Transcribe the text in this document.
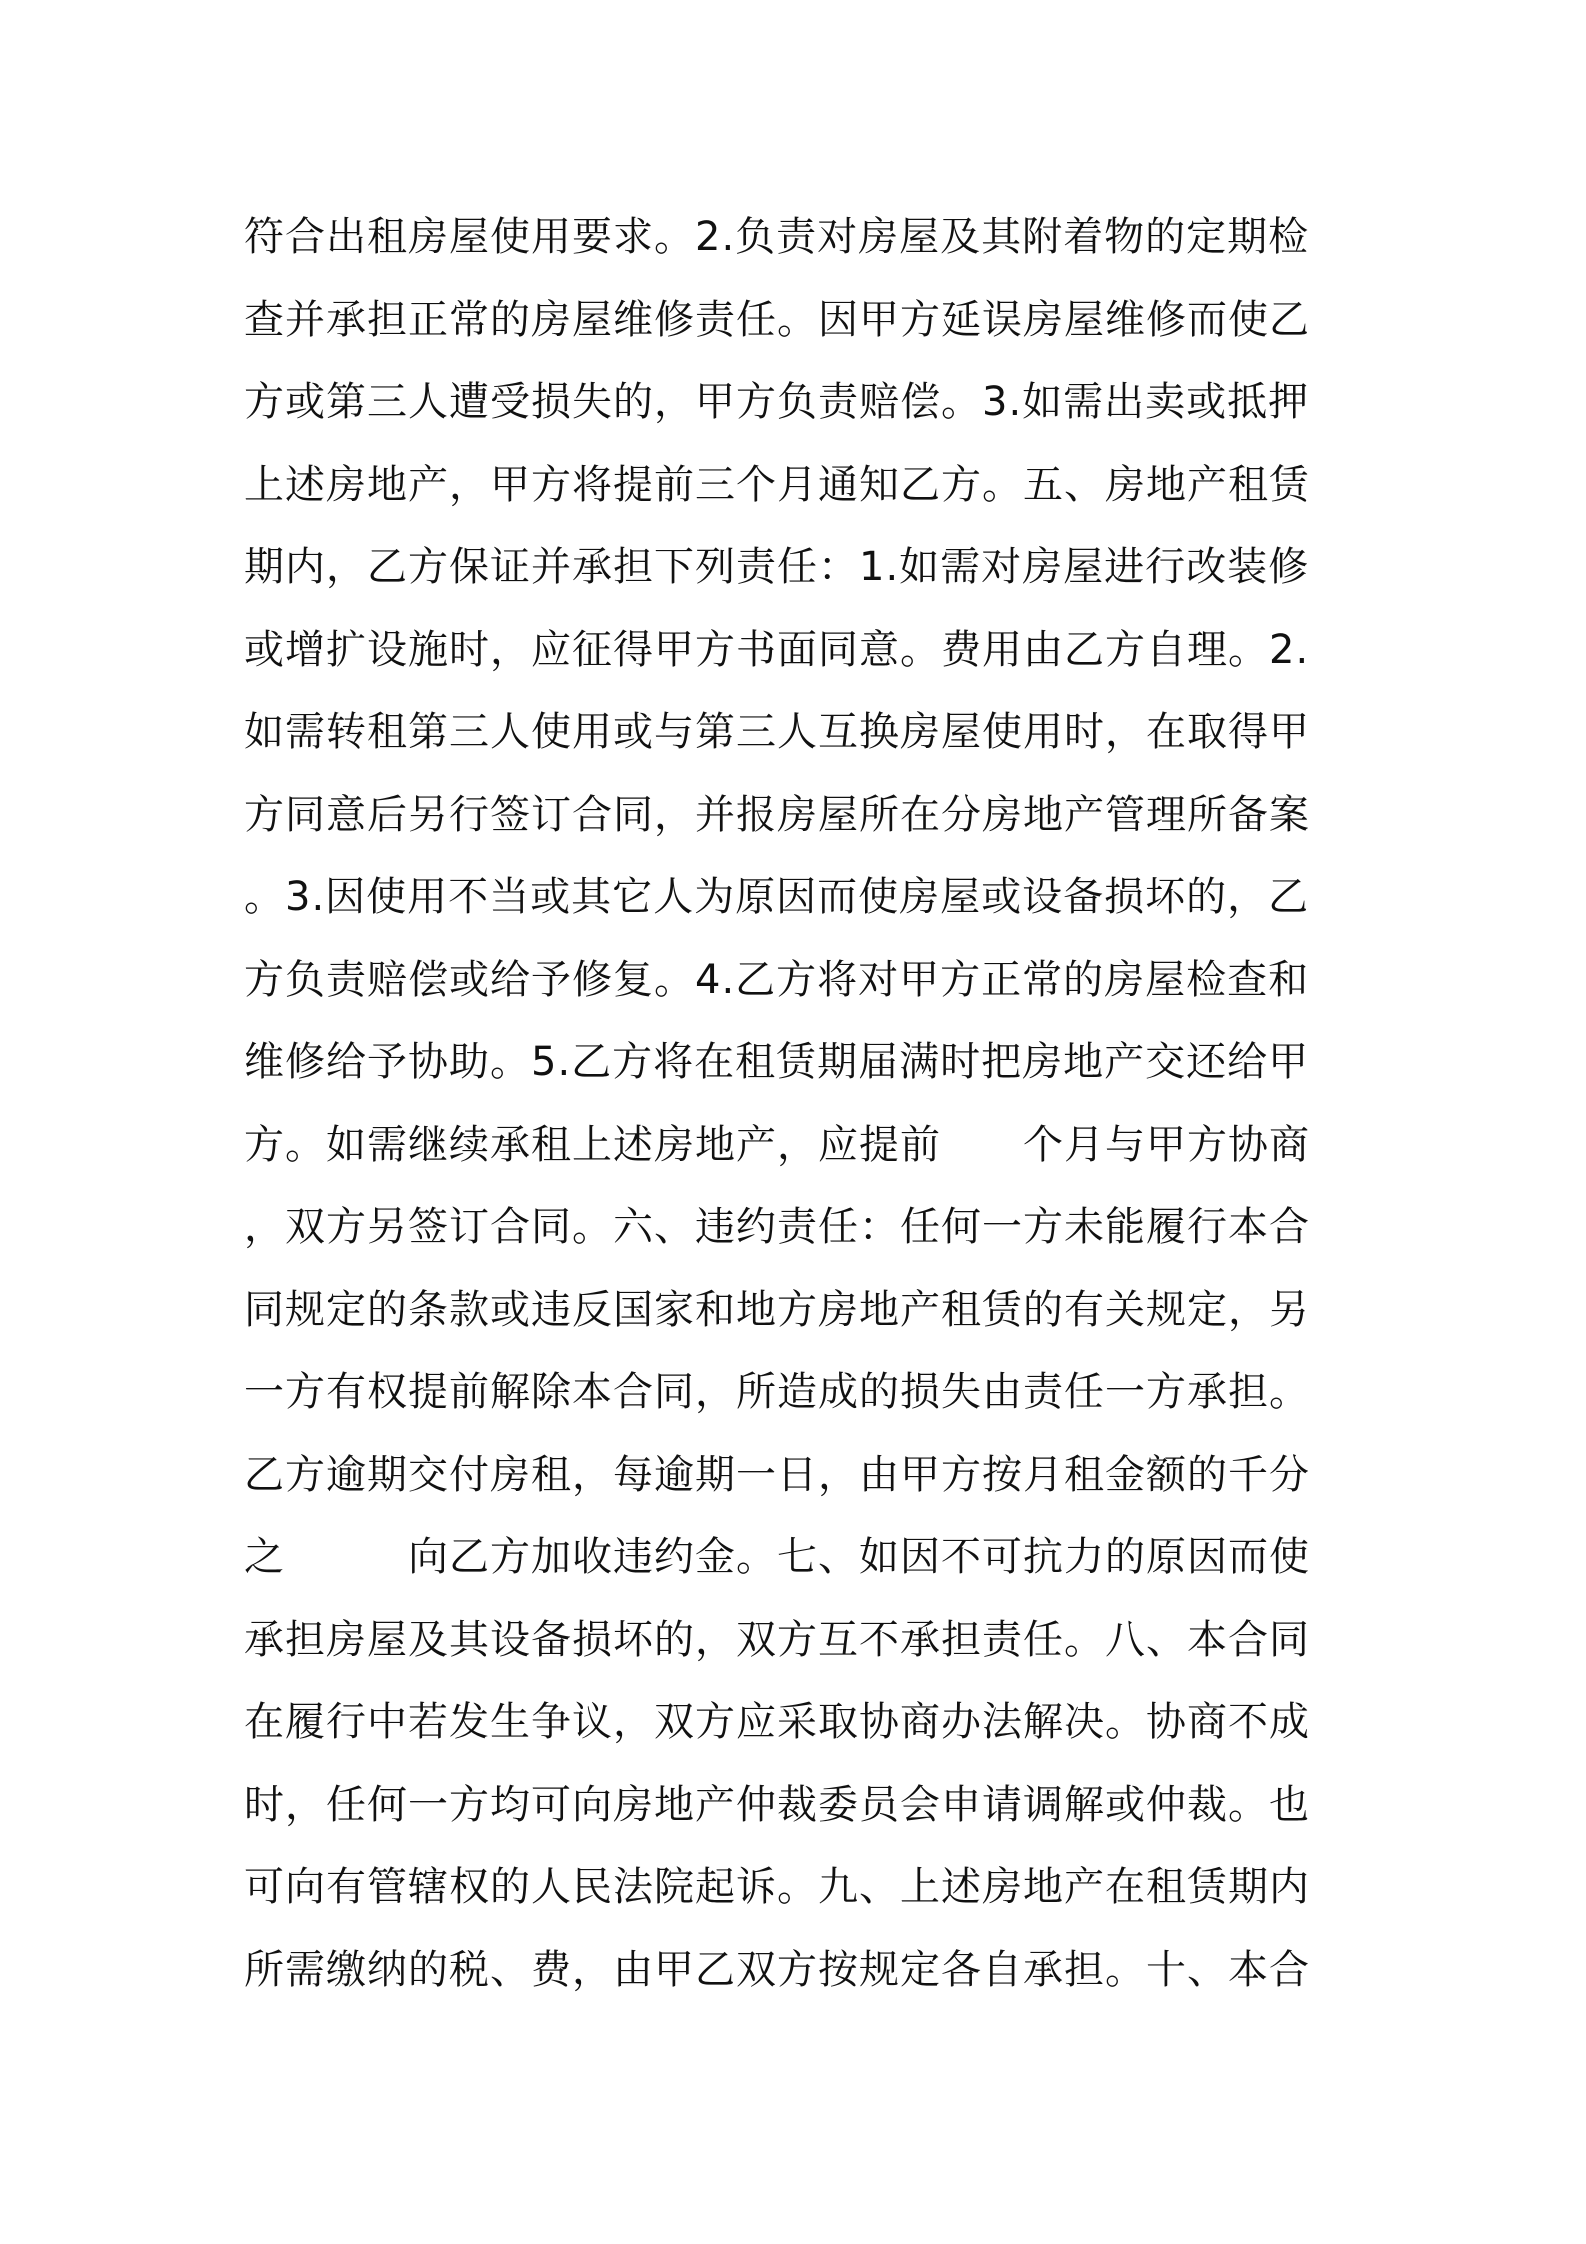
符合出租房屋使用要求。2.负责对房屋及其附着物的定期检
查并承担正常的房屋维修责任。因甲方延误房屋维修而使乙
方或第三人遭受损失的，甲方负责赔偿。3.如需出卖或抵押
上述房地产，甲方将提前三个月通知乙方。五、房地产租赁
期内，乙方保证并承担下列责任：1.如需对房屋进行改装修
或增扩设施时，应征得甲方书面同意。费用由乙方自理。2.
如需转租第三人使用或与第三人互换房屋使用时，在取得甲
方同意后另行签订合同，并报房屋所在分房地产管理所备案
。3.因使用不当或其它人为原因而使房屋或设备损坏的，乙
方负责赔偿或给予修复。4.乙方将对甲方正常的房屋检查和
维修给予协助。5.乙方将在租赁期届满时把房地产交还给甲
方。如需继续承租上述房地产，应提前　　个月与甲方协商
，双方另签订合同。六、违约责任：任何一方未能履行本合
同规定的条款或违反国家和地方房地产租赁的有关规定，另
一方有权提前解除本合同，所造成的损失由责任一方承担。
乙方逾期交付房租，每逾期一日，由甲方按月租金额的千分
之　　　向乙方加收违约金。七、如因不可抗力的原因而使
承担房屋及其设备损坏的，双方互不承担责任。八、本合同
在履行中若发生争议，双方应采取协商办法解决。协商不成
时，任何一方均可向房地产仲裁委员会申请调解或仲裁。也
可向有管辖权的人民法院起诉。九、上述房地产在租赁期内
所需缴纳的税、费，由甲乙双方按规定各自承担。十、本合
